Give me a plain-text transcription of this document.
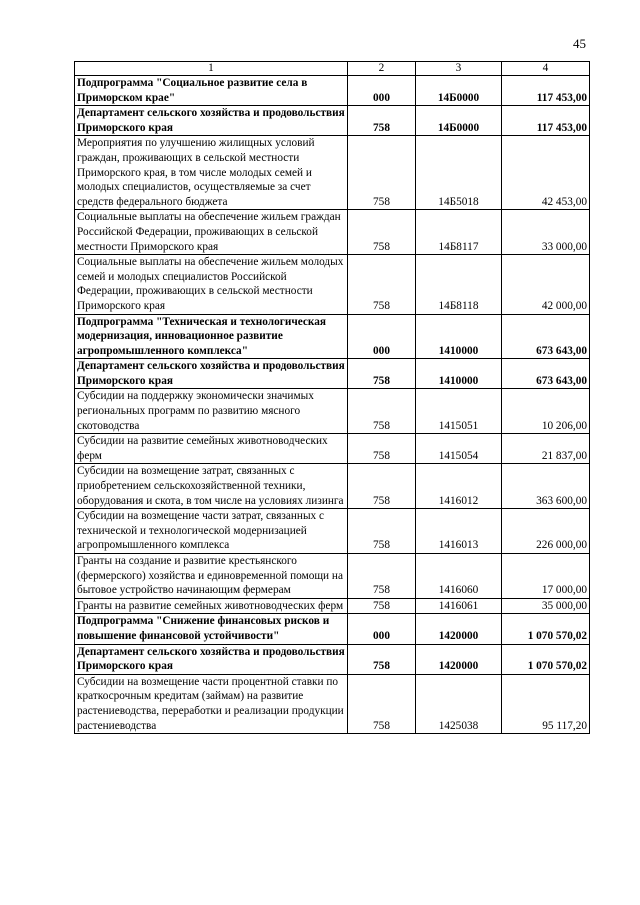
45
1	2	3	4
Подпрограмма "Социальное развитие села в Приморском крае"	000	14Б0000	117 453,00
Департамент сельского хозяйства и продовольствия Приморского края	758	14Б0000	117 453,00
Мероприятия по улучшению жилищных условий граждан, проживающих в сельской местности Приморского края, в том числе молодых семей и молодых специалистов, осуществляемые за счет средств федерального бюджета	758	14Б5018	42 453,00
Социальные выплаты на обеспечение жильем граждан Российской Федерации, проживающих в сельской местности Приморского края	758	14Б8117	33 000,00
Социальные выплаты на обеспечение жильем молодых семей и молодых специалистов Российской Федерации, проживающих в сельской местности Приморского края	758	14Б8118	42 000,00
Подпрограмма "Техническая и технологическая модернизация, инновационное развитие агропромышленного комплекса"	000	1410000	673 643,00
Департамент сельского хозяйства и продовольствия Приморского края	758	1410000	673 643,00
Субсидии на поддержку экономически значимых региональных программ по развитию мясного скотоводства	758	1415051	10 206,00
Субсидии на развитие семейных животноводческих ферм	758	1415054	21 837,00
Субсидии на возмещение затрат, связанных с приобретением сельскохозяйственной техники, оборудования и скота, в том числе на условиях лизинга	758	1416012	363 600,00
Субсидии на возмещение части затрат, связанных с технической и технологической модернизацией агропромышленного комплекса	758	1416013	226 000,00
Гранты на создание и развитие крестьянского (фермерского) хозяйства и единовременной помощи на бытовое устройство начинающим фермерам	758	1416060	17 000,00
Гранты на развитие семейных животноводческих ферм	758	1416061	35 000,00
Подпрограмма "Снижение финансовых рисков и повышение финансовой устойчивости"	000	1420000	1 070 570,02
Департамент сельского хозяйства и продовольствия Приморского края	758	1420000	1 070 570,02
Субсидии на возмещение части процентной ставки по краткосрочным кредитам (займам) на развитие растениеводства, переработки и реализации продукции растениеводства	758	1425038	95 117,20
